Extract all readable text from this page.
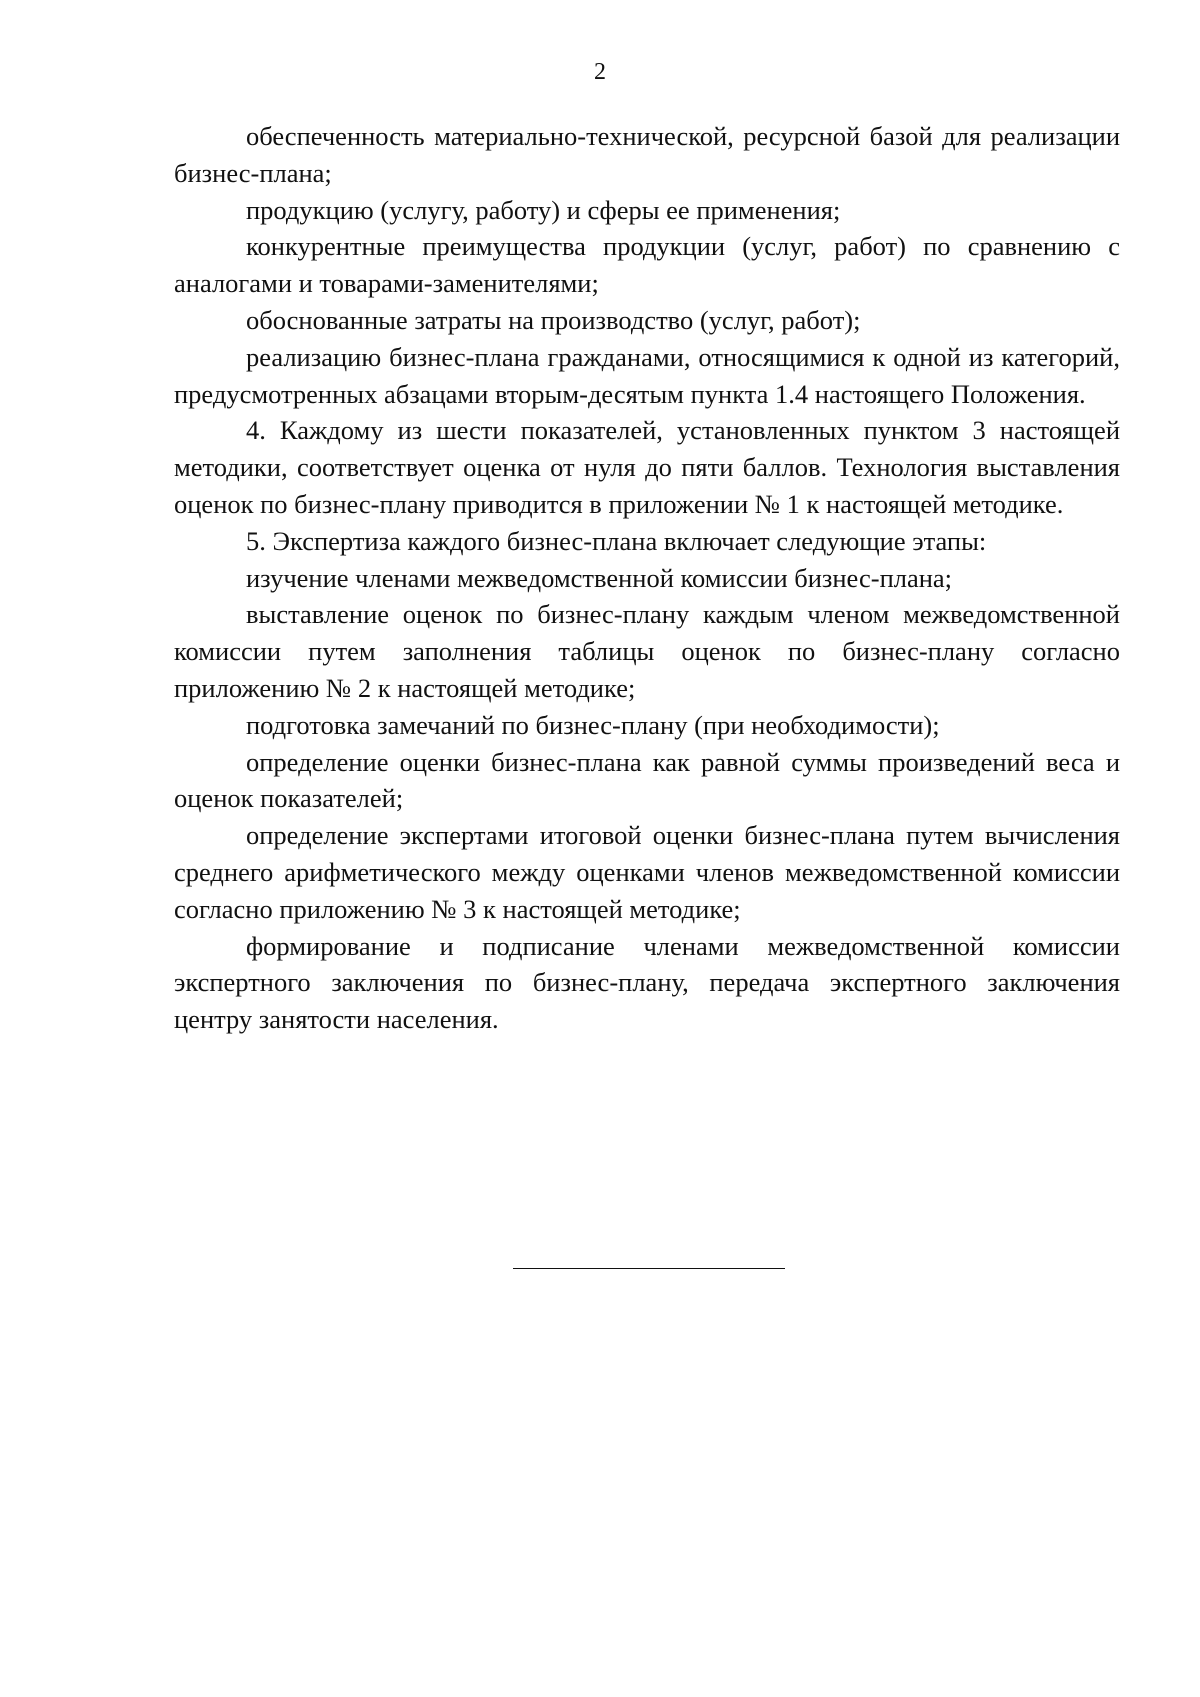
2

обеспеченность материально-технической, ресурсной базой для реализации бизнес-плана;

продукцию (услугу, работу) и сферы ее применения;

конкурентные преимущества продукции (услуг, работ) по сравнению с аналогами и товарами-заменителями;

обоснованные затраты на производство (услуг, работ);

реализацию бизнес-плана гражданами, относящимися к одной из категорий, предусмотренных абзацами вторым-десятым пункта 1.4 настоящего Положения.

4. Каждому из шести показателей, установленных пунктом 3 настоящей методики, соответствует оценка от нуля до пяти баллов. Технология выставления оценок по бизнес-плану приводится в приложении № 1 к настоящей методике.

5. Экспертиза каждого бизнес-плана включает следующие этапы:

изучение членами межведомственной комиссии бизнес-плана;

выставление оценок по бизнес-плану каждым членом межведомственной комиссии путем заполнения таблицы оценок по бизнес-плану согласно приложению № 2 к настоящей методике;

подготовка замечаний по бизнес-плану (при необходимости);

определение оценки бизнес-плана как равной суммы произведений веса и оценок показателей;

определение экспертами итоговой оценки бизнес-плана путем вычисления среднего арифметического между оценками членов межведомственной комиссии согласно приложению № 3 к настоящей методике;

формирование и подписание членами межведомственной комиссии экспертного заключения по бизнес-плану, передача экспертного заключения центру занятости населения.
